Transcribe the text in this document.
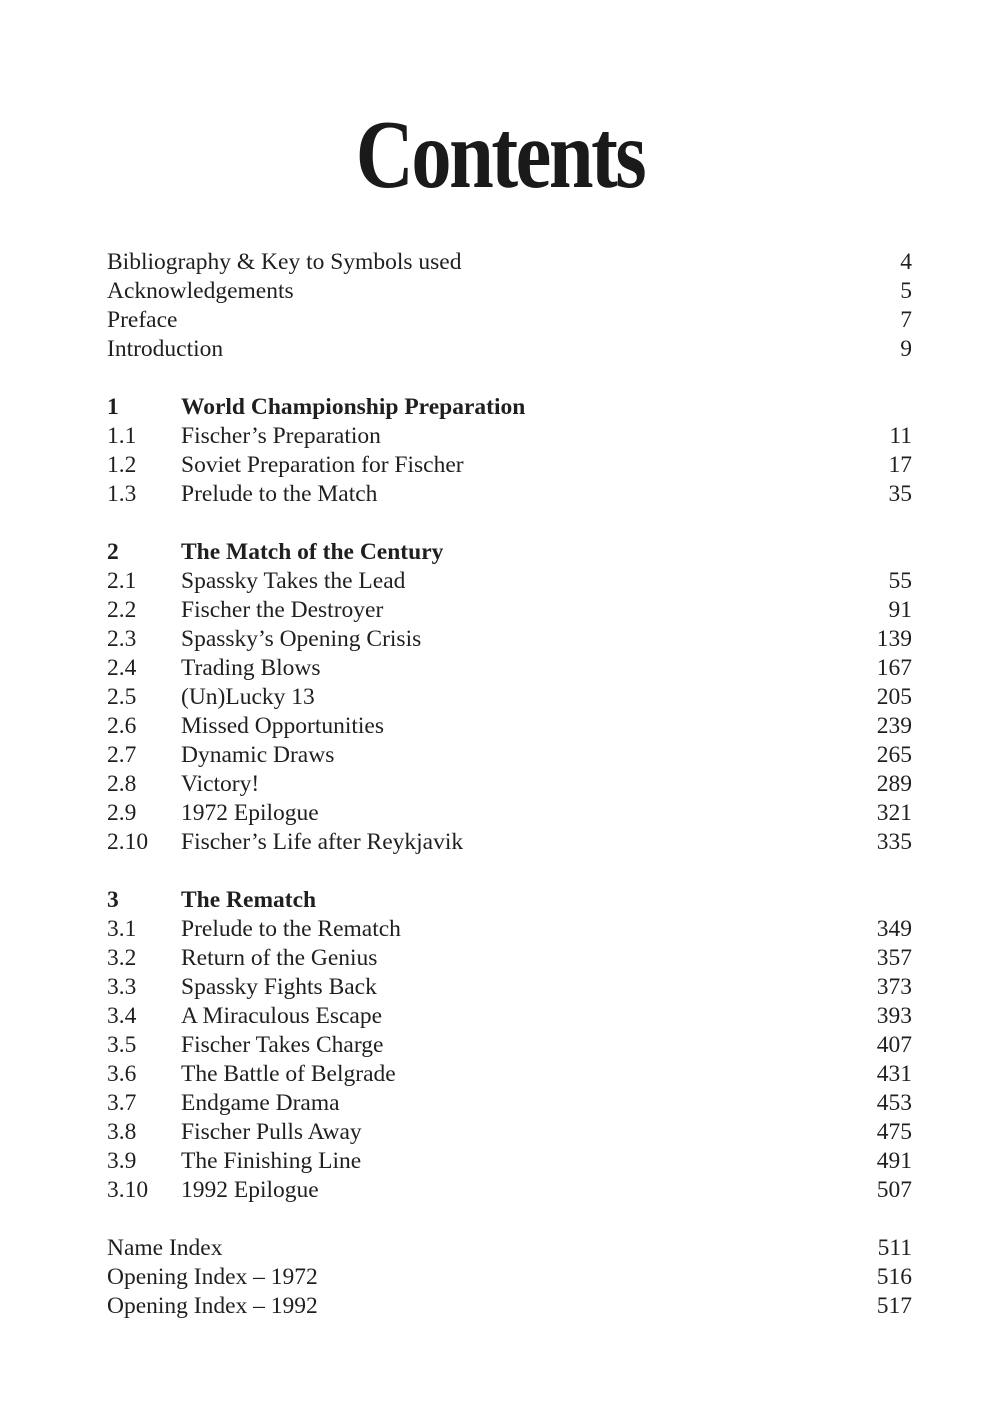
Contents
Bibliography & Key to Symbols used	4
Acknowledgements	5
Preface	7
Introduction	9
1	World Championship Preparation
1.1 Fischer’s Preparation	11
1.2 Soviet Preparation for Fischer	17
1.3 Prelude to the Match	35
2	The Match of the Century
2.1 Spassky Takes the Lead	55
2.2 Fischer the Destroyer	91
2.3 Spassky’s Opening Crisis	139
2.4 Trading Blows	167
2.5 (Un)Lucky 13	205
2.6 Missed Opportunities	239
2.7 Dynamic Draws	265
2.8 Victory!	289
2.9 1972 Epilogue	321
2.10 Fischer’s Life after Reykjavik	335
3	The Rematch
3.1 Prelude to the Rematch	349
3.2 Return of the Genius	357
3.3 Spassky Fights Back	373
3.4 A Miraculous Escape	393
3.5 Fischer Takes Charge	407
3.6 The Battle of Belgrade	431
3.7 Endgame Drama	453
3.8 Fischer Pulls Away	475
3.9 The Finishing Line	491
3.10 1992 Epilogue	507
Name Index	511
Opening Index – 1972	516
Opening Index – 1992	517
